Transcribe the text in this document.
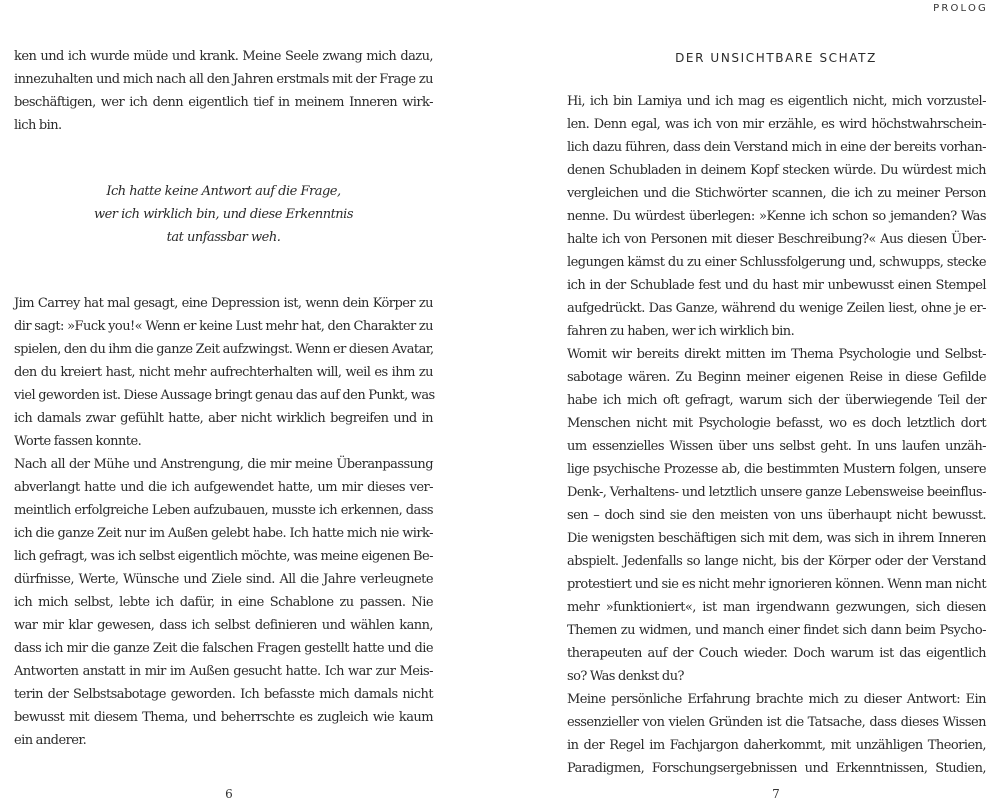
ken und ich wurde müde und krank. Meine Seele zwang mich dazu,
innezuhalten und mich nach all den Jahren erstmals mit der Frage zu
beschäftigen, wer ich denn eigentlich tief in meinem Inneren wirk-
lich bin.
Ich hatte keine Antwort auf die Frage,
wer ich wirklich bin, und diese Erkenntnis
tat unfassbar weh.
Jim Carrey hat mal gesagt, eine Depression ist, wenn dein Körper zu
dir sagt: »Fuck you!« Wenn er keine Lust mehr hat, den Charakter zu
spielen, den du ihm die ganze Zeit aufzwingst. Wenn er diesen Avatar,
den du kreiert hast, nicht mehr aufrechterhalten will, weil es ihm zu
viel geworden ist. Diese Aussage bringt genau das auf den Punkt, was
ich damals zwar gefühlt hatte, aber nicht wirklich begreifen und in
Worte fassen konnte.
Nach all der Mühe und Anstrengung, die mir meine Überanpassung
abverlangt hatte und die ich aufgewendet hatte, um mir dieses ver-
meintlich erfolgreiche Leben aufzubauen, musste ich erkennen, dass
ich die ganze Zeit nur im Außen gelebt habe. Ich hatte mich nie wirk-
lich gefragt, was ich selbst eigentlich möchte, was meine eigenen Be-
dürfnisse, Werte, Wünsche und Ziele sind. All die Jahre verleugnete
ich mich selbst, lebte ich dafür, in eine Schablone zu passen. Nie
war mir klar gewesen, dass ich selbst definieren und wählen kann,
dass ich mir die ganze Zeit die falschen Fragen gestellt hatte und die
Antworten anstatt in mir im Außen gesucht hatte. Ich war zur Meis-
terin der Selbstsabotage geworden. Ich befasste mich damals nicht
bewusst mit diesem Thema, und beherrschte es zugleich wie kaum
ein anderer.
6
PROLOG
DER UNSICHTBARE SCHATZ
Hi, ich bin Lamiya und ich mag es eigentlich nicht, mich vorzustel-
len. Denn egal, was ich von mir erzähle, es wird höchstwahrschein-
lich dazu führen, dass dein Verstand mich in eine der bereits vorhan-
denen Schubladen in deinem Kopf stecken würde. Du würdest mich
vergleichen und die Stichwörter scannen, die ich zu meiner Person
nenne. Du würdest überlegen: »Kenne ich schon so jemanden? Was
halte ich von Personen mit dieser Beschreibung?« Aus diesen Über-
legungen kämst du zu einer Schlussfolgerung und, schwupps, stecke
ich in der Schublade fest und du hast mir unbewusst einen Stempel
aufgedrückt. Das Ganze, während du wenige Zeilen liest, ohne je er-
fahren zu haben, wer ich wirklich bin.
Womit wir bereits direkt mitten im Thema Psychologie und Selbst-
sabotage wären. Zu Beginn meiner eigenen Reise in diese Gefilde
habe ich mich oft gefragt, warum sich der überwiegende Teil der
Menschen nicht mit Psychologie befasst, wo es doch letztlich dort
um essenzielles Wissen über uns selbst geht. In uns laufen unzäh-
lige psychische Prozesse ab, die bestimmten Mustern folgen, unsere
Denk-, Verhaltens- und letztlich unsere ganze Lebensweise beeinflus-
sen – doch sind sie den meisten von uns überhaupt nicht bewusst.
Die wenigsten beschäftigen sich mit dem, was sich in ihrem Inneren
abspielt. Jedenfalls so lange nicht, bis der Körper oder der Verstand
protestiert und sie es nicht mehr ignorieren können. Wenn man nicht
mehr »funktioniert«, ist man irgendwann gezwungen, sich diesen
Themen zu widmen, und manch einer findet sich dann beim Psycho-
therapeuten auf der Couch wieder. Doch warum ist das eigentlich
so? Was denkst du?
Meine persönliche Erfahrung brachte mich zu dieser Antwort: Ein
essenzieller von vielen Gründen ist die Tatsache, dass dieses Wissen
in der Regel im Fachjargon daherkommt, mit unzähligen Theorien,
Paradigmen, Forschungsergebnissen und Erkenntnissen, Studien,
7
